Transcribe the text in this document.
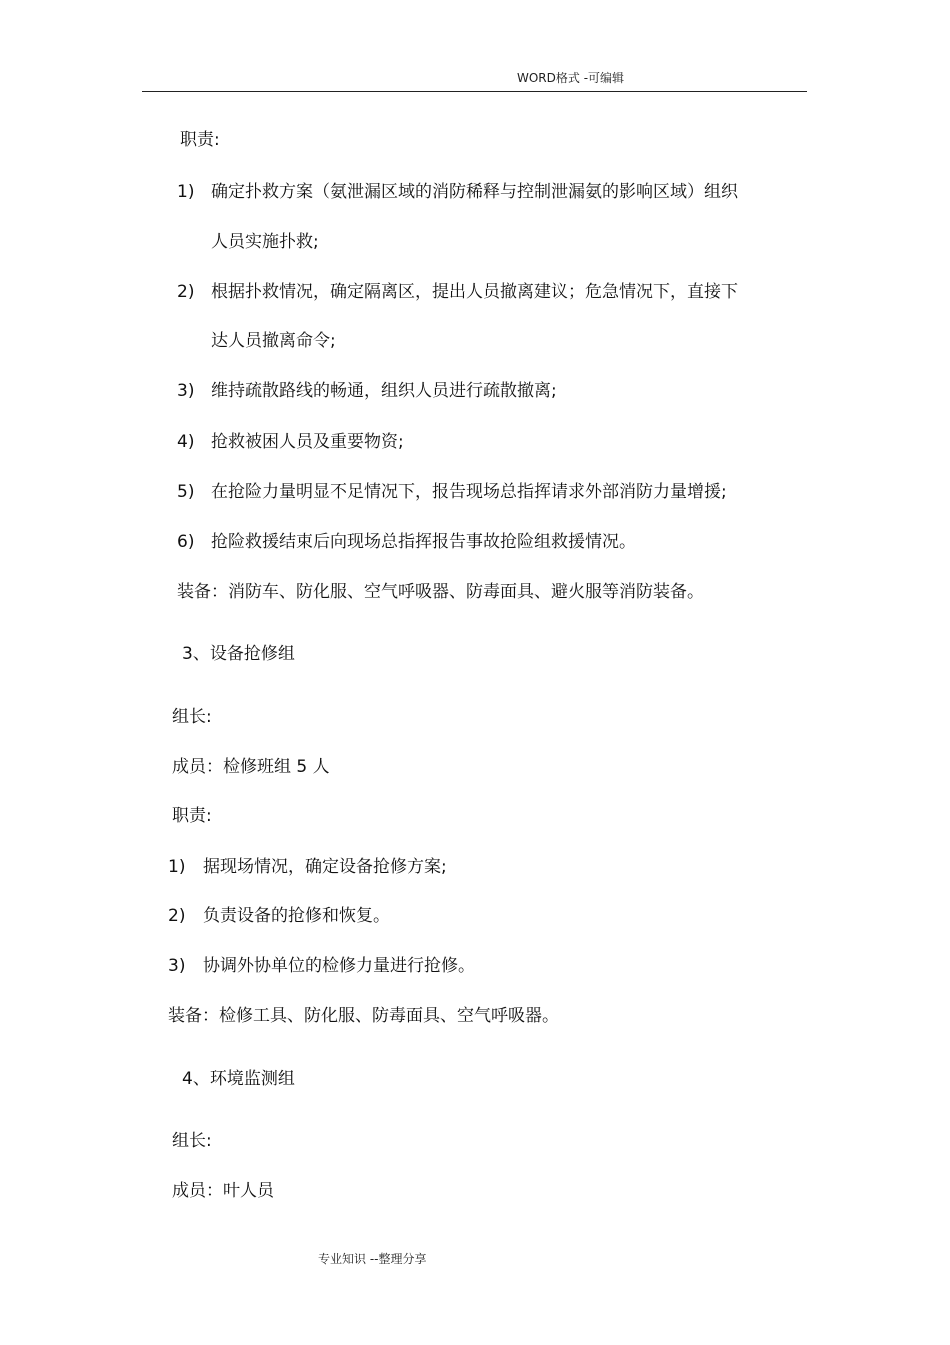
WORD格式 -可编辑
职责:
1) 确定扑救方案（氨泄漏区域的消防稀释与控制泄漏氨的影响区域）组织
人员实施扑救;
2) 根据扑救情况，确定隔离区，提出人员撤离建议；危急情况下，直接下
达人员撤离命令;
3) 维持疏散路线的畅通，组织人员进行疏散撤离;
4) 抢救被困人员及重要物资;
5) 在抢险力量明显不足情况下，报告现场总指挥请求外部消防力量增援;
6) 抢险救援结束后向现场总指挥报告事故抢险组救援情况。
装备：消防车、防化服、空气呼吸器、防毒面具、避火服等消防装备。
3、设备抢修组
组长:
成员：检修班组 5 人
职责:
1) 据现场情况，确定设备抢修方案;
2) 负责设备的抢修和恢复。
3) 协调外协单位的检修力量进行抢修。
装备：检修工具、防化服、防毒面具、空气呼吸器。
4、环境监测组
组长:
成员：叶人员
专业知识 --整理分享
